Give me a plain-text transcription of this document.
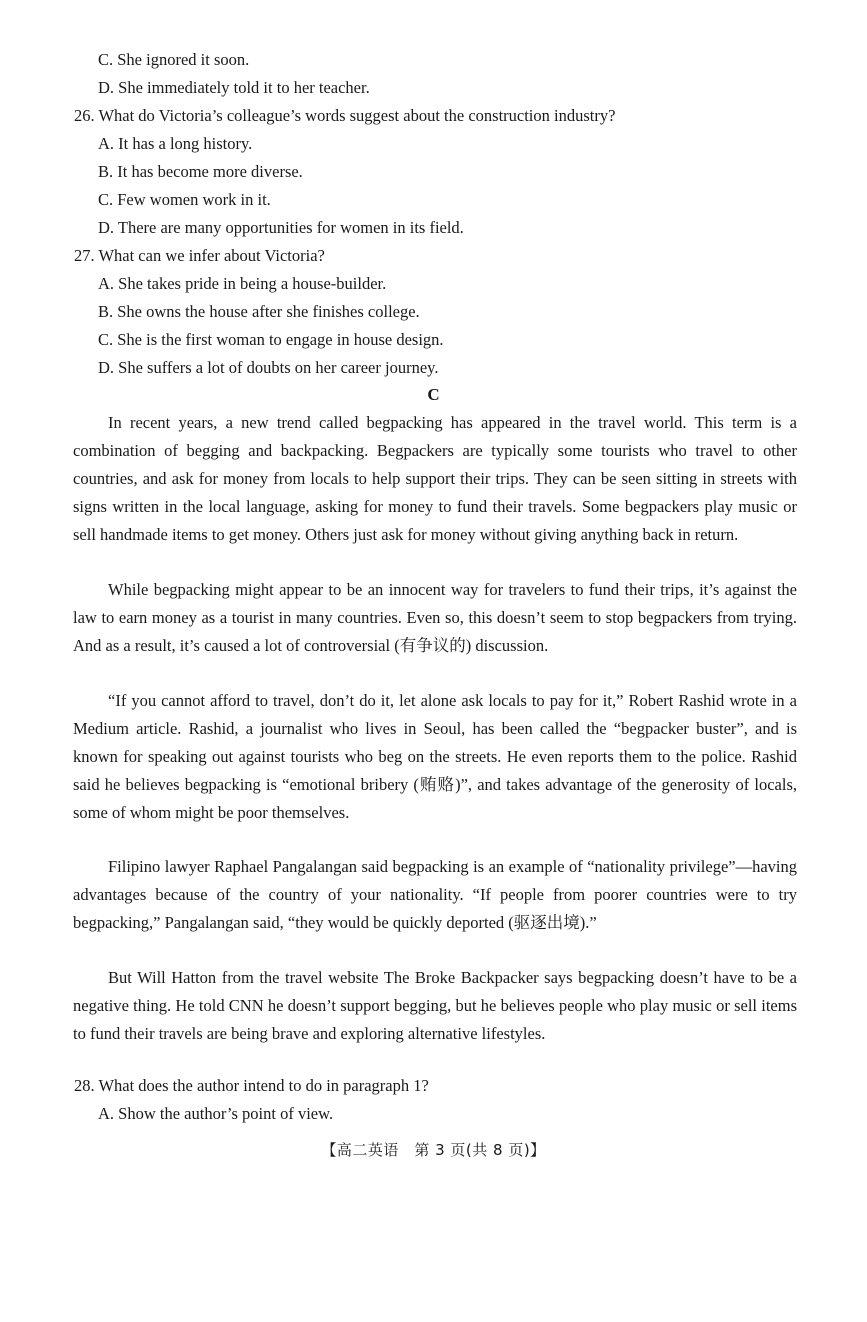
C. She ignored it soon.
D. She immediately told it to her teacher.
26. What do Victoria’s colleague’s words suggest about the construction industry?
A. It has a long history.
B. It has become more diverse.
C. Few women work in it.
D. There are many opportunities for women in its field.
27. What can we infer about Victoria?
A. She takes pride in being a house-builder.
B. She owns the house after she finishes college.
C. She is the first woman to engage in house design.
D. She suffers a lot of doubts on her career journey.
C

In recent years, a new trend called begpacking has appeared in the travel world. This term is a combination of begging and backpacking. Begpackers are typically some tourists who travel to other countries, and ask for money from locals to help support their trips. They can be seen sitting in streets with signs written in the local language, asking for money to fund their travels. Some begpackers play music or sell handmade items to get money. Others just ask for money without giving anything back in return.

While begpacking might appear to be an innocent way for travelers to fund their trips, it’s against the law to earn money as a tourist in many countries. Even so, this doesn’t seem to stop begpackers from trying. And as a result, it’s caused a lot of controversial (有争议的) discussion.

“If you cannot afford to travel, don’t do it, let alone ask locals to pay for it,” Robert Rashid wrote in a Medium article. Rashid, a journalist who lives in Seoul, has been called the “begpacker buster”, and is known for speaking out against tourists who beg on the streets. He even reports them to the police. Rashid said he believes begpacking is “emotional bribery (贿赂)”, and takes advantage of the generosity of locals, some of whom might be poor themselves.

Filipino lawyer Raphael Pangalangan said begpacking is an example of “nationality privilege”—having advantages because of the country of your nationality. “If people from poorer countries were to try begpacking,” Pangalangan said, “they would be quickly deported (驱逐出境).”

But Will Hatton from the travel website The Broke Backpacker says begpacking doesn’t have to be a negative thing. He told CNN he doesn’t support begging, but he believes people who play music or sell items to fund their travels are being brave and exploring alternative lifestyles.

28. What does the author intend to do in paragraph 1?
A. Show the author’s point of view.
【高二英语　第 3 页(共 8 页)】
